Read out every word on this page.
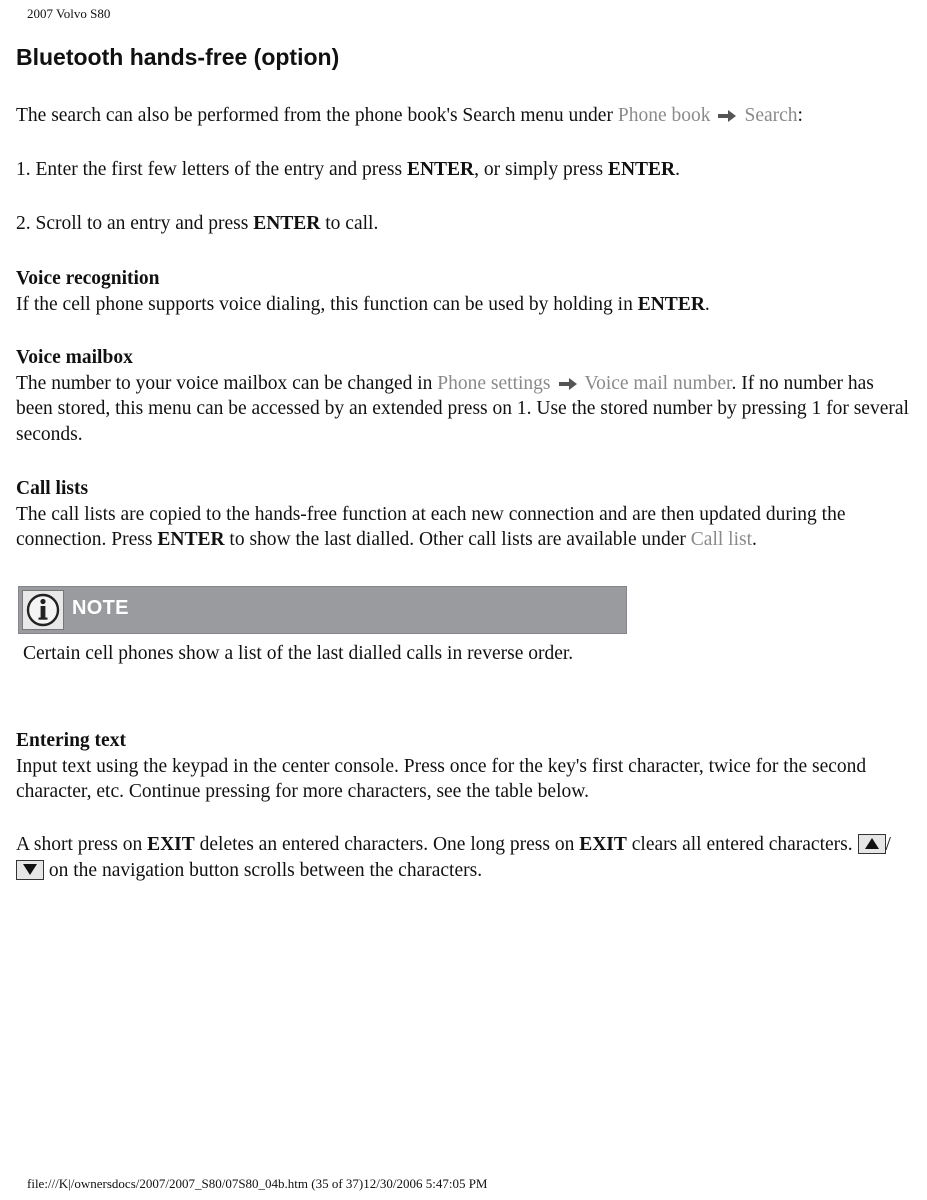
2007 Volvo S80
Bluetooth hands-free (option)

The search can also be performed from the phone book's Search menu under Phone book Search:

1. Enter the first few letters of the entry and press ENTER, or simply press ENTER.

2. Scroll to an entry and press ENTER to call.

Voice recognition
If the cell phone supports voice dialing, this function can be used by holding in ENTER.

Voice mailbox
The number to your voice mailbox can be changed in Phone settings Voice mail number. If no number has been stored, this menu can be accessed by an extended press on 1. Use the stored number by pressing 1 for several seconds.

Call lists
The call lists are copied to the hands-free function at each new connection and are then updated during the connection. Press ENTER to show the last dialled. Other call lists are available under Call list.

NOTE

Certain cell phones show a list of the last dialled calls in reverse order.

Entering text
Input text using the keypad in the center console. Press once for the key's first character, twice for the second character, etc. Continue pressing for more characters, see the table below.

A short press on EXIT deletes an entered characters. One long press on EXIT clears all entered characters.
/
on the navigation button scrolls between the characters.

file:///K|/ownersdocs/2007/2007_S80/07S80_04b.htm (35 of 37)12/30/2006 5:47:05 PM
